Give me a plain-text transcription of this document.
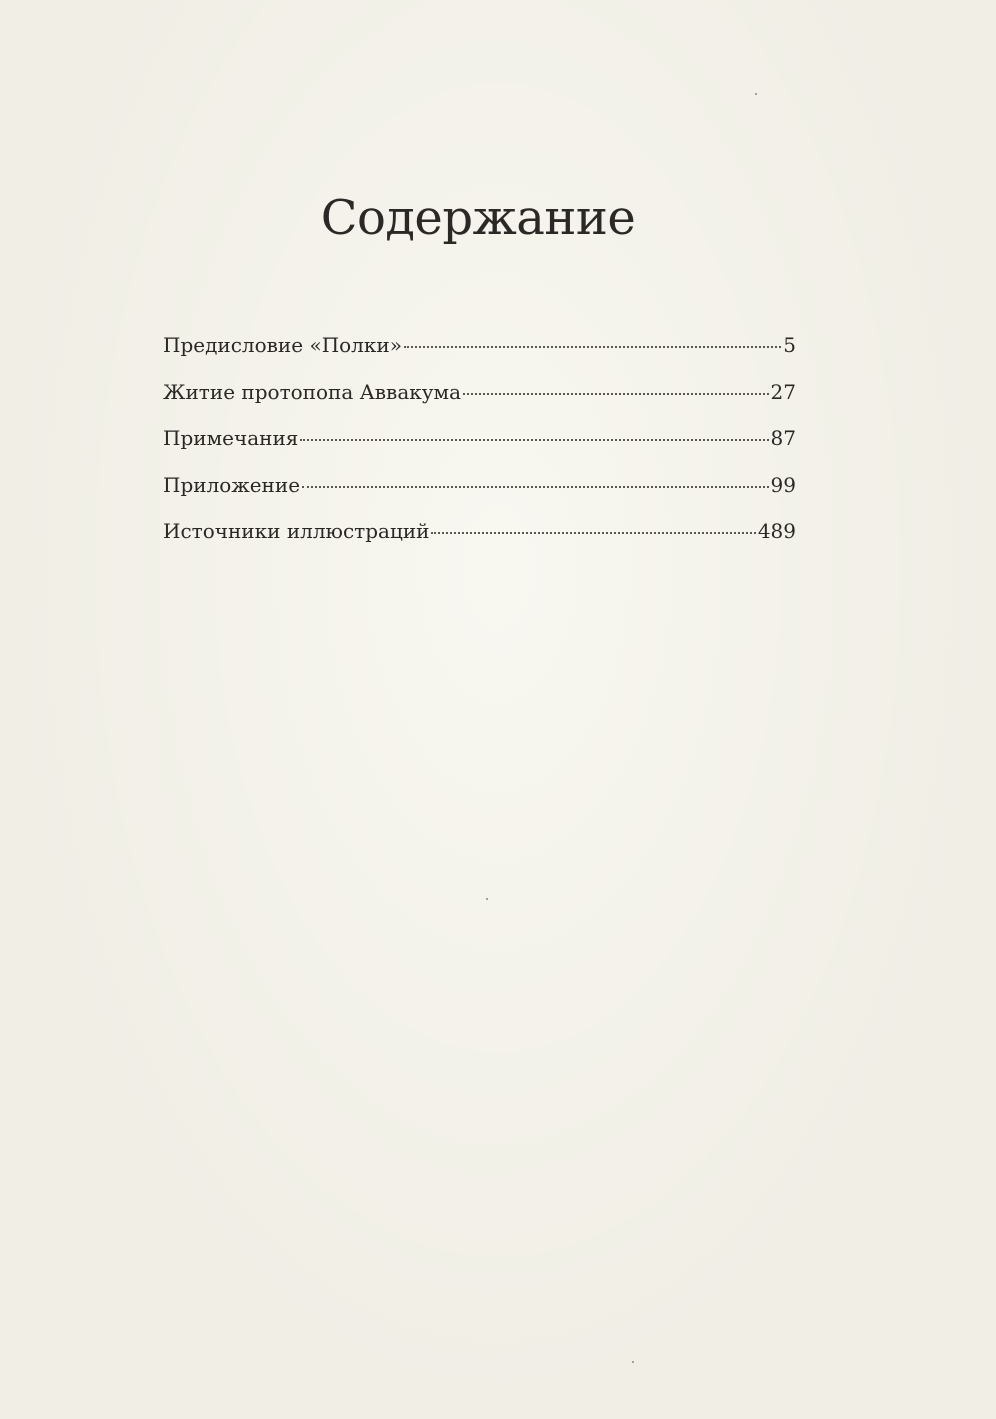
Содержание
Предисловие «Полки»	5
Житие протопопа Аввакума	27
Примечания	87
Приложение	99
Источники иллюстраций	489
